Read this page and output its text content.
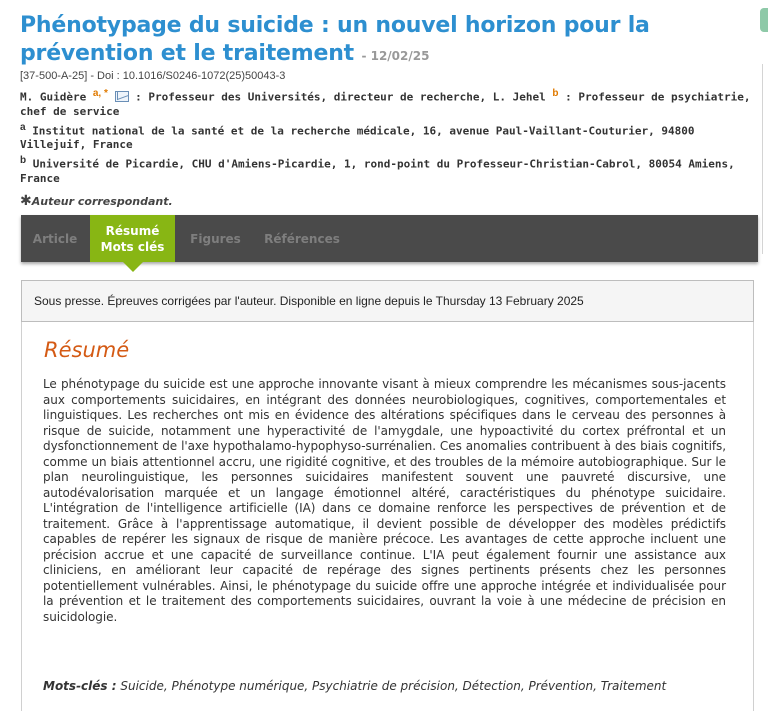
Phénotypage du suicide : un nouvel horizon pour la prévention et le traitement - 12/02/25
[37-500-A-25] - Doi : 10.1016/S0246-1072(25)50043-3
M. Guidère $^{a, *}$ : Professeur des Universités, directeur de recherche, L. Jehel $^b$ : Professeur de psychiatrie, chef de service
$^a$ Institut national de la santé et de la recherche médicale, 16, avenue Paul-Vaillant-Couturier, 94800 Villejuif, France
$^b$ Université de Picardie, CHU d'Amiens-Picardie, 1, rond-point du Professeur-Christian-Cabrol, 80054 Amiens, France
✱Auteur correspondant.
Article
Résumé
Mots clés
Figures	Références
Sous presse. Épreuves corrigées par l'auteur. Disponible en ligne depuis le Thursday 13 February 2025
Résumé

Le phénotypage du suicide est une approche innovante visant à mieux comprendre les mécanismes sous-jacents aux comportements suicidaires, en intégrant des données neurobiologiques, cognitives, comportementales et linguistiques. Les recherches ont mis en évidence des altérations spécifiques dans le cerveau des personnes à risque de suicide, notamment une hyperactivité de l'amygdale, une hypoactivité du cortex préfrontal et un dysfonctionnement de l'axe hypothalamo-hypophyso-surrénalien. Ces anomalies contribuent à des biais cognitifs, comme un biais attentionnel accru, une rigidité cognitive, et des troubles de la mémoire autobiographique. Sur le plan neurolinguistique, les personnes suicidaires manifestent souvent une pauvreté discursive, une autodévalorisation marquée et un langage émotionnel altéré, caractéristiques du phénotype suicidaire. L'intégration de l'intelligence artificielle (IA) dans ce domaine renforce les perspectives de prévention et de traitement. Grâce à l'apprentissage automatique, il devient possible de développer des modèles prédictifs capables de repérer les signaux de risque de manière précoce. Les avantages de cette approche incluent une précision accrue et une capacité de surveillance continue. L'IA peut également fournir une assistance aux cliniciens, en améliorant leur capacité de repérage des signes pertinents présents chez les personnes potentiellement vulnérables. Ainsi, le phénotypage du suicide offre une approche intégrée et individualisée pour la prévention et le traitement des comportements suicidaires, ouvrant la voie à une médecine de précision en suicidologie.

Mots-clés : Suicide, Phénotype numérique, Psychiatrie de précision, Détection, Prévention, Traitement
